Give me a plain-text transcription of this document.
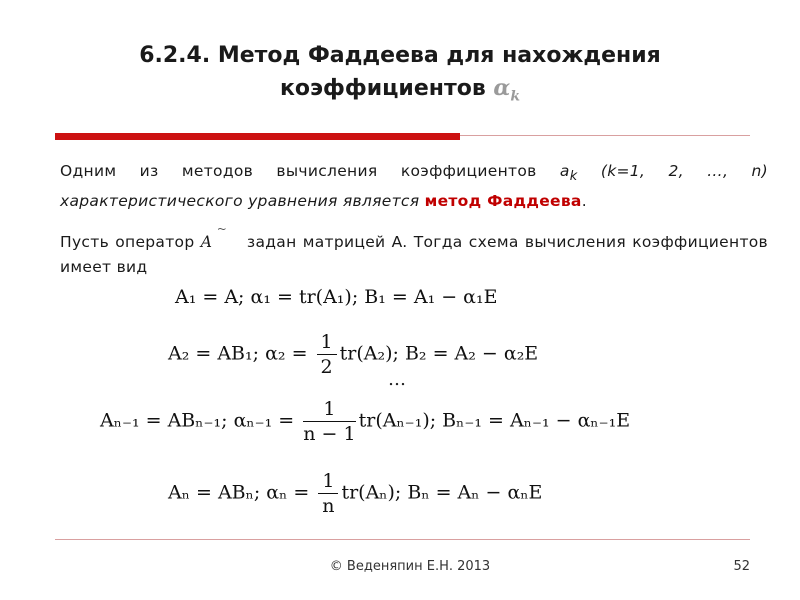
6.2.4. Метод Фаддеева для нахождения
коэффициентов $\alpha_k$
Одним из методов вычисления коэффициентов $a_k$ (k=1, 2, …, n) характеристического уравнения является метод Фаддеева.
Пусть оператор
~
A задан матрицей A. Тогда схема вычисления коэффициентов имеет вид
A₁ = A; α₁ = tr(A₁); B₁ = A₁ − α₁E
A₂ = AB₁; $\alpha_2 = \frac{1}{2} tr(A_2)$; B₂ = A₂ − α₂E
…
Aₙ₋₁ = ABₙ₋₁; $\alpha_{n-1} = \frac{1}{n - 1} tr(A_{n-1})$; Bₙ₋₁ = Aₙ₋₁ − αₙ₋₁E
Aₙ = ABₙ; $\alpha_n = \frac{1}{n} tr(A_n)$; Bₙ = Aₙ − αₙE
© Веденяпин Е.Н. 2013	52
